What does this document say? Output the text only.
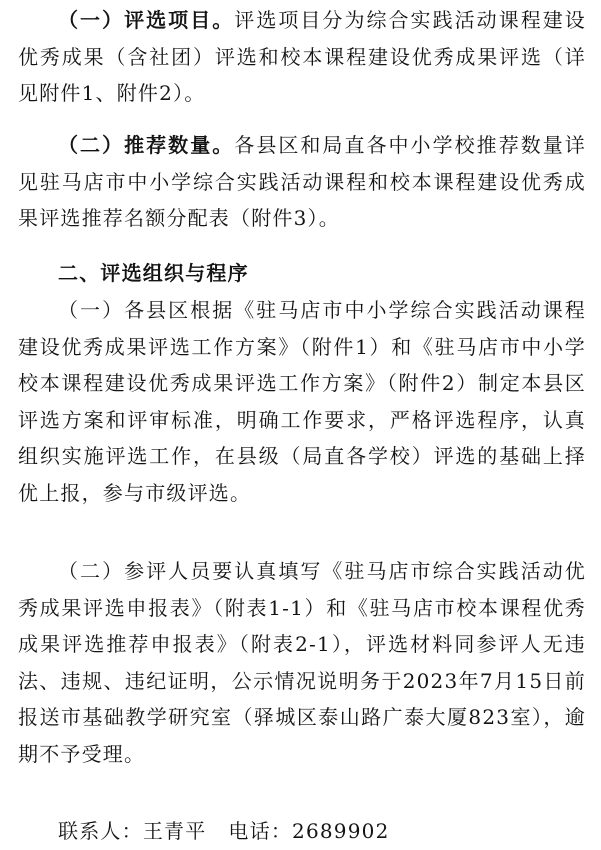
（一）评选项目。评选项目分为综合实践活动课程建设优秀成果（含社团）评选和校本课程建设优秀成果评选（详见附件1、附件2）。

（二）推荐数量。各县区和局直各中小学校推荐数量详见驻马店市中小学综合实践活动课程和校本课程建设优秀成果评选推荐名额分配表（附件3）。

二、评选组织与程序

（一）各县区根据《驻马店市中小学综合实践活动课程建设优秀成果评选工作方案》（附件1）和《驻马店市中小学校本课程建设优秀成果评选工作方案》（附件2）制定本县区评选方案和评审标准，明确工作要求，严格评选程序，认真组织实施评选工作，在县级（局直各学校）评选的基础上择优上报，参与市级评选。

（二）参评人员要认真填写《驻马店市综合实践活动优秀成果评选申报表》（附表1-1）和《驻马店市校本课程优秀成果评选推荐申报表》（附表2-1），评选材料同参评人无违法、违规、违纪证明，公示情况说明务于2023年7月15日前报送市基础教学研究室（驿城区泰山路广泰大厦823室），逾期不予受理。

联系人：王青平 电话：2689902
